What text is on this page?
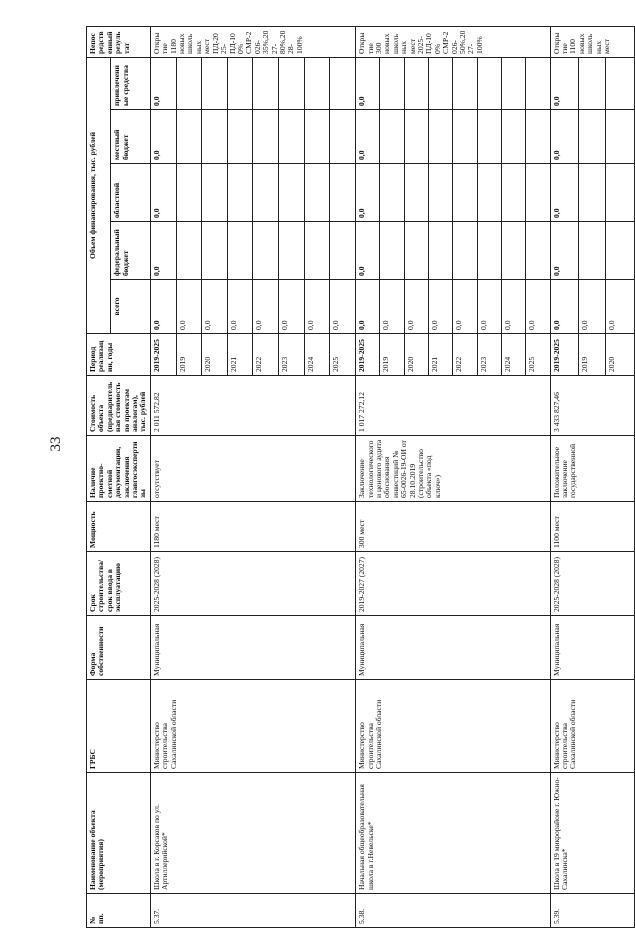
33
№
пп.	Наименование объекта (мероприятия)	ГРБС	Форма собственности	Срок строительства/срок ввода в эксплуатацию	Мощность	Наличие проектно-сметной документации, заключения главгосэкспертизы	Стоимость объекта (предварительная стоимость по проектам аналогам), тыс. рублей	Период реализации, годы	Объем финансирования, тыс. рублей					Непосредственный результат
									всего	федеральный бюджет	областной	местный бюджет	привлеченные средства	
5.37.	Школа в г. Корсаков по ул. Артиллерийской*	Министерство строительства Сахалинской области	Муниципальная	2025-2028 (2028)	1180 мест	отсутствует	2 011 572,82	2019-2025	0,0	0,0	0,0	0,0	0,0	Открытие 1180 новых школьных мест
ПД-2025-
ПД-100%
СМР-2026-35%,2027-80%,2028-100%
								2019	0,0					
								2020	0,0					
								2021	0,0					
								2022	0,0					
								2023	0,0					
								2024	0,0					
								2025	0,0					
5.38.	Начальная общеобразовательная школа в г.Невельске*	Министерство строительства Сахалинской области	Муниципальная	2019-2027 (2027)	300 мест	Заключение технологического и ценового аудита обоснования инвестиций № 65-0026-19-ОИ от 28.10.2019 (строительство объекта «под ключ»)	1 017 272,12	2019-2025	0,0	0,0	0,0	0,0	0,0	Открытие 300 новых школьных мест
2025-
ПД-100%
СМР-2026-50%,2027-100%
								2019	0,0					
								2020	0,0					
								2021	0,0					
								2022	0,0					
								2023	0,0					
								2024	0,0					
								2025	0,0					
5.39.	Школа в 19 микрорайоне г. Южно-Сахалинска*	Министерство строительства Сахалинской области	Муниципальная	2025-2028 (2028)	1100 мест	Положительное заключение государственной	3 433 827,46	2019-2025	0,0	0,0	0,0	0,0	0,0	Открытие 1100 новых школьных мест
								2019	0,0					
								2020	0,0					
